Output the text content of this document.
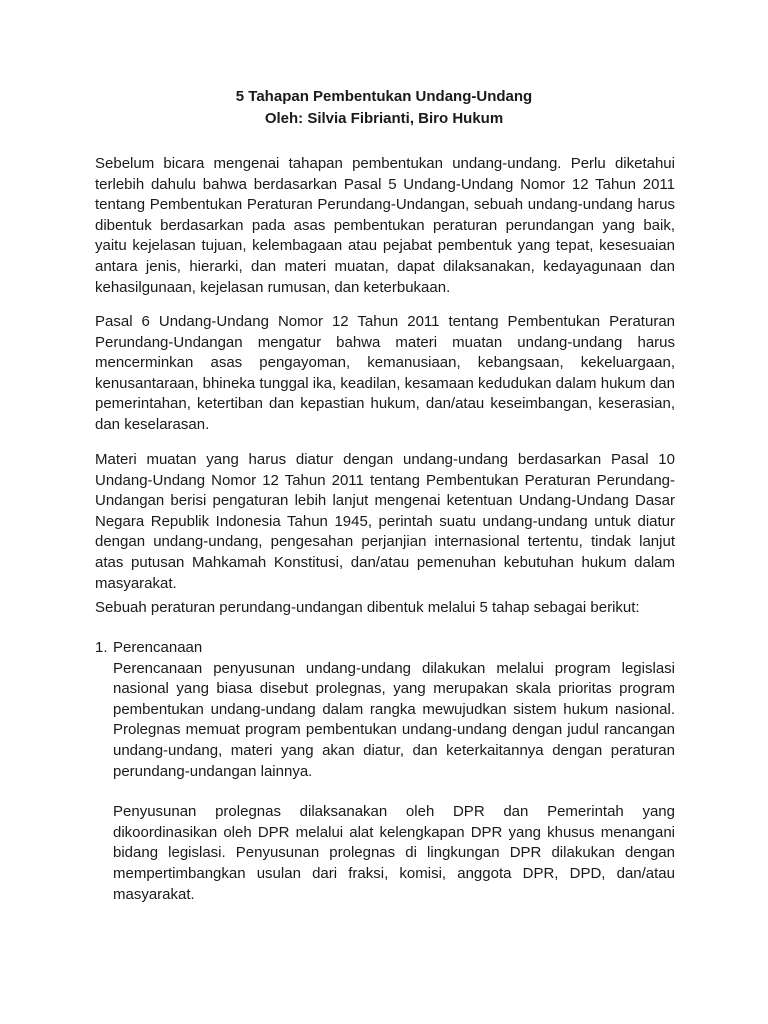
5 Tahapan Pembentukan Undang-Undang

Oleh: Silvia Fibrianti, Biro Hukum

Sebelum bicara mengenai tahapan pembentukan undang-undang. Perlu diketahui terlebih dahulu bahwa berdasarkan Pasal 5 Undang-Undang Nomor 12 Tahun 2011 tentang Pembentukan Peraturan Perundang-Undangan, sebuah undang-undang harus dibentuk berdasarkan pada asas pembentukan peraturan perundangan yang baik, yaitu kejelasan tujuan, kelembagaan atau pejabat pembentuk yang tepat, kesesuaian antara jenis, hierarki, dan materi muatan, dapat dilaksanakan, kedayagunaan dan kehasilgunaan, kejelasan rumusan, dan keterbukaan.

Pasal 6 Undang-Undang Nomor 12 Tahun 2011 tentang Pembentukan Peraturan Perundang-Undangan mengatur bahwa materi muatan undang-undang harus mencerminkan asas pengayoman, kemanusiaan, kebangsaan, kekeluargaan, kenusantaraan, bhineka tunggal ika, keadilan, kesamaan kedudukan dalam hukum dan pemerintahan, ketertiban dan kepastian hukum, dan/atau keseimbangan, keserasian, dan keselarasan.

Materi muatan yang harus diatur dengan undang-undang berdasarkan Pasal 10 Undang-Undang Nomor 12 Tahun 2011 tentang Pembentukan Peraturan Perundang-Undangan berisi pengaturan lebih lanjut mengenai ketentuan Undang-Undang Dasar Negara Republik Indonesia Tahun 1945, perintah suatu undang-undang untuk diatur dengan undang-undang, pengesahan perjanjian internasional tertentu, tindak lanjut atas putusan Mahkamah Konstitusi, dan/atau pemenuhan kebutuhan hukum dalam masyarakat.

Sebuah peraturan perundang-undangan dibentuk melalui 5 tahap sebagai berikut:

1. Perencanaan

Perencanaan penyusunan undang-undang dilakukan melalui program legislasi nasional yang biasa disebut prolegnas, yang merupakan skala prioritas program pembentukan undang-undang dalam rangka mewujudkan sistem hukum nasional. Prolegnas memuat program pembentukan undang-undang dengan judul rancangan undang-undang, materi yang akan diatur, dan keterkaitannya dengan peraturan perundang-undangan lainnya.

Penyusunan prolegnas dilaksanakan oleh DPR dan Pemerintah yang dikoordinasikan oleh DPR melalui alat kelengkapan DPR yang khusus menangani bidang legislasi. Penyusunan prolegnas di lingkungan DPR dilakukan dengan mempertimbangkan usulan dari fraksi, komisi, anggota DPR, DPD, dan/atau masyarakat.
